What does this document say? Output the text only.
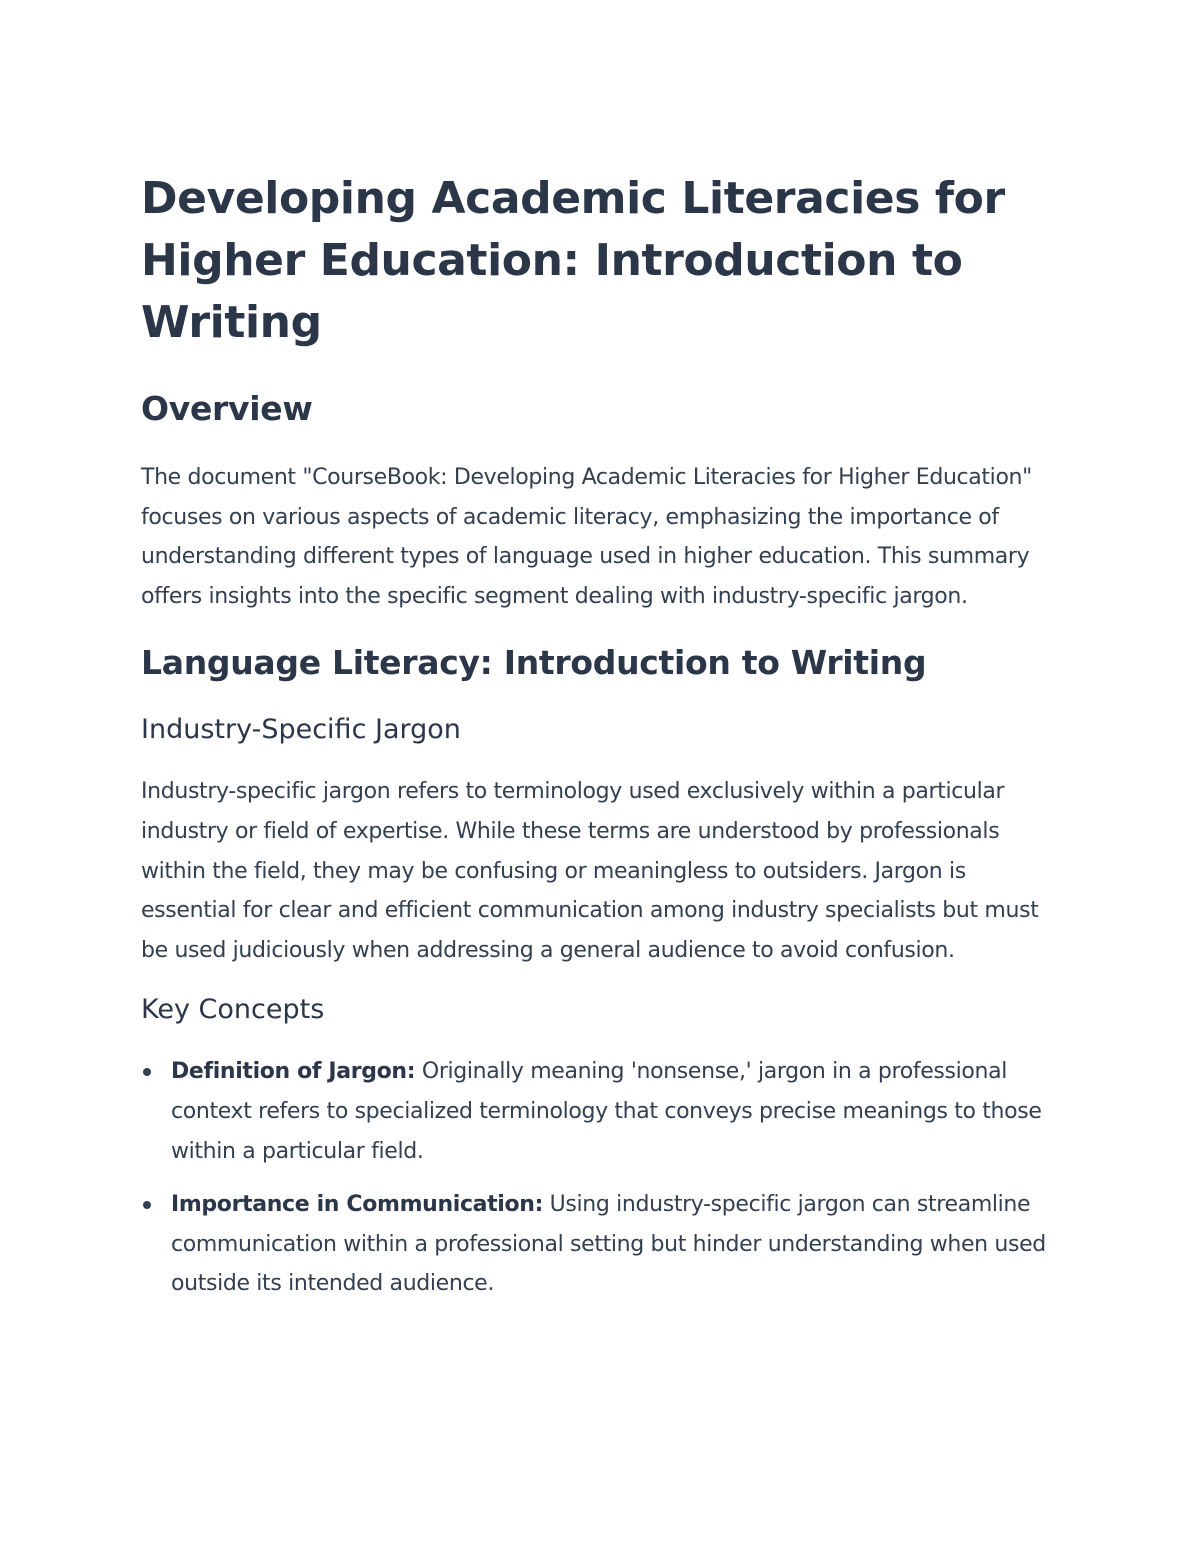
Developing Academic Literacies for Higher Education: Introduction to Writing
Overview

The document "CourseBook: Developing Academic Literacies for Higher Education" focuses on various aspects of academic literacy, emphasizing the importance of understanding different types of language used in higher education. This summary offers insights into the specific segment dealing with industry-specific jargon.

Language Literacy: Introduction to Writing
Industry-Specific Jargon

Industry-specific jargon refers to terminology used exclusively within a particular industry or field of expertise. While these terms are understood by professionals within the field, they may be confusing or meaningless to outsiders. Jargon is essential for clear and efficient communication among industry specialists but must be used judiciously when addressing a general audience to avoid confusion.

Key Concepts
Definition of Jargon: Originally meaning 'nonsense,' jargon in a professional context refers to specialized terminology that conveys precise meanings to those within a particular field.
Importance in Communication: Using industry-specific jargon can streamline communication within a professional setting but hinder understanding when used outside its intended audience.
